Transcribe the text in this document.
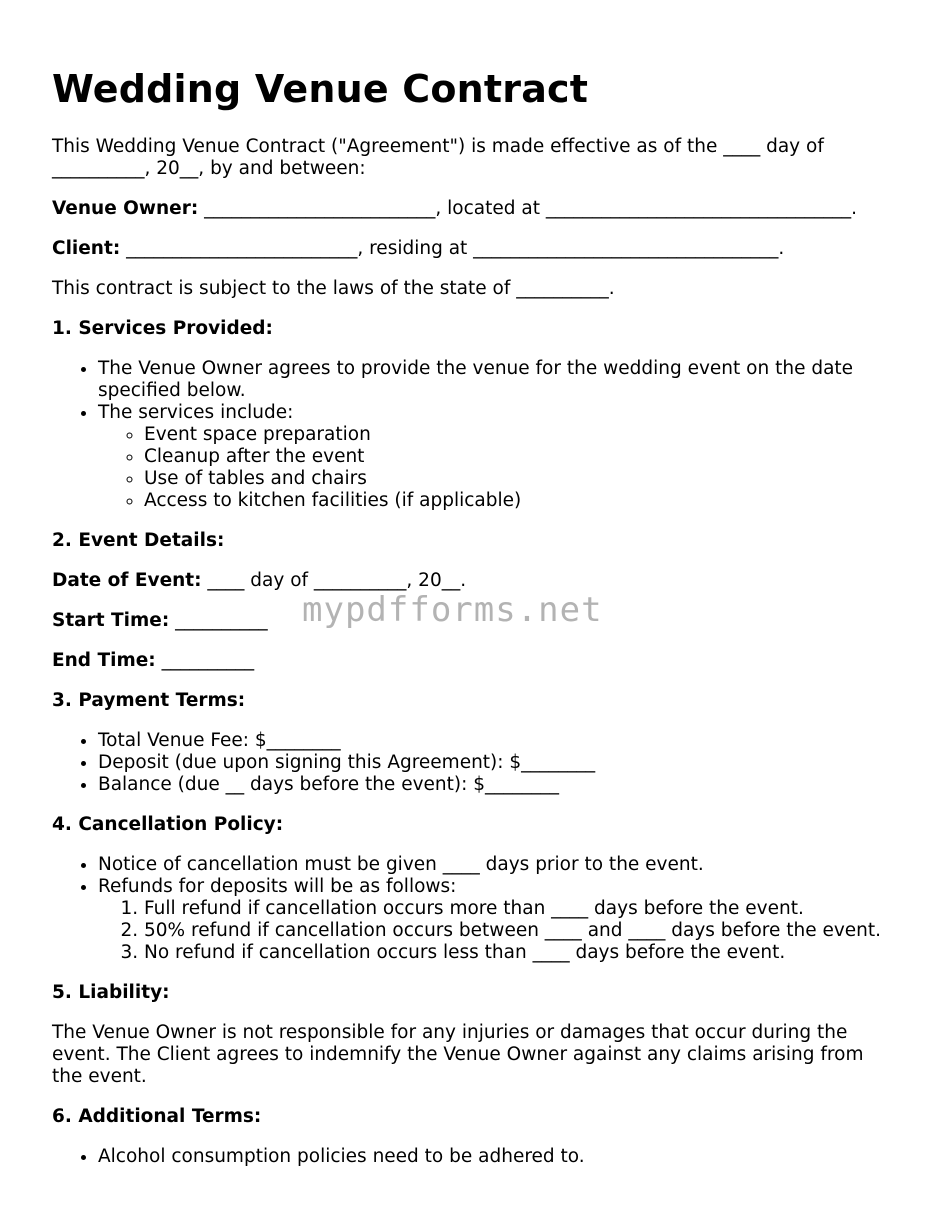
Wedding Venue Contract

This Wedding Venue Contract ("Agreement") is made effective as of the ____ day of __________, 20__, by and between:

Venue Owner: _________________________, located at _________________________________.

Client: _________________________, residing at _________________________________.

This contract is subject to the laws of the state of __________.

1. Services Provided:

• The Venue Owner agrees to provide the venue for the wedding event on the date specified below.
• The services include:
◦ Event space preparation
◦ Cleanup after the event
◦ Use of tables and chairs
◦ Access to kitchen facilities (if applicable)

2. Event Details:

Date of Event: ____ day of __________, 20__.

Start Time: __________

End Time: __________

3. Payment Terms:

• Total Venue Fee: $________
• Deposit (due upon signing this Agreement): $________
• Balance (due __ days before the event): $________

4. Cancellation Policy:

• Notice of cancellation must be given ____ days prior to the event.
• Refunds for deposits will be as follows:
1. Full refund if cancellation occurs more than ____ days before the event.
2. 50% refund if cancellation occurs between ____ and ____ days before the event.
3. No refund if cancellation occurs less than ____ days before the event.

5. Liability:

The Venue Owner is not responsible for any injuries or damages that occur during the event. The Client agrees to indemnify the Venue Owner against any claims arising from the event.

6. Additional Terms:

• Alcohol consumption policies need to be adhered to.
mypdfforms.net
